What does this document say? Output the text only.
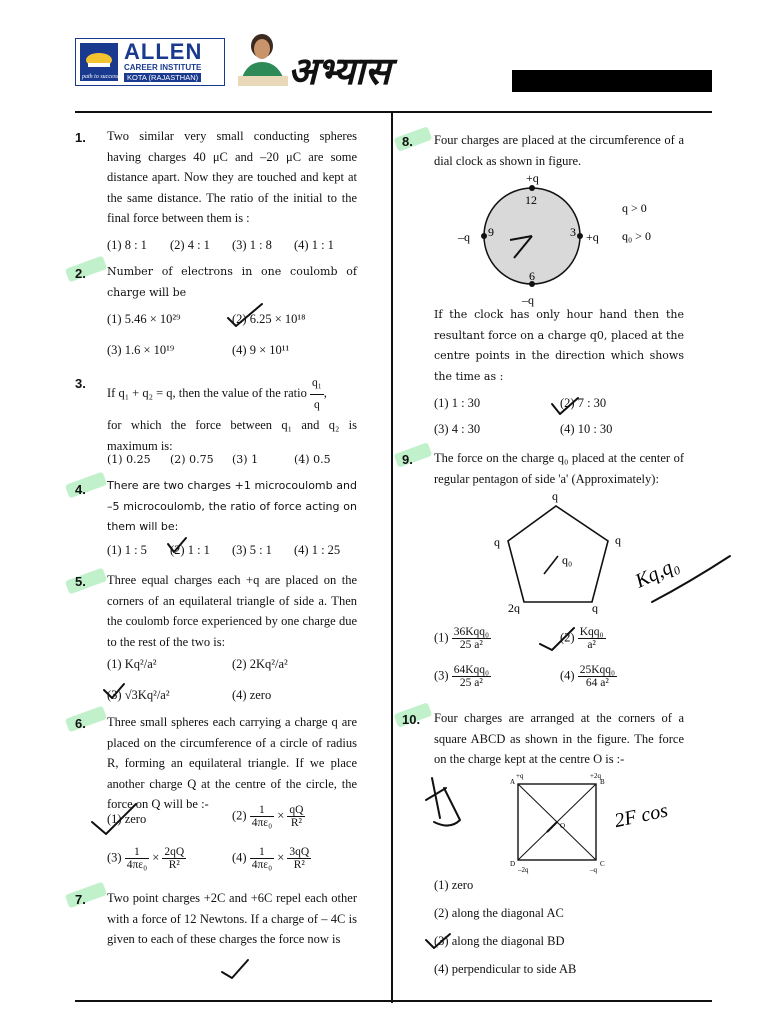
path to success
ALLEN
CAREER INSTITUTE
KOTA (RAJASTHAN) अभ्यास
1. Two similar very small conducting spheres having charges 40 μC and –20 μC are some distance apart. Now they are touched and kept at the same distance. The ratio of the initial to the final force between them is :
(1) 8 : 1 (2) 4 : 1 (3) 1 : 8 (4) 1 : 1
2. Number of electrons in one coulomb of charge will be
(1) 5.46 × 10²⁹	(2) 6.25 × 10¹⁸
(3) 1.6 × 10¹⁹	(4) 9 × 10¹¹
3.
If q₁ + q₂ = q, then the value of the ratio $\frac{\text{q₁}}{q}$ ,
for which the force between q₁ and q₂ is maximum is:
(1) 0.25 (2) 0.75 (3) 1	(4) 0.5
4. There are two charges +1 microcoulomb and –5 microcoulomb, the ratio of force acting on them will be:
(1) 1 : 5 (2) 1 : 1 (3) 5 : 1 (4) 1 : 25
5. Three equal charges each +q are placed on the corners of an equilateral triangle of side a. Then the coulomb force experienced by one charge due to the rest of the two is:
(1) Kq²/a²	(2) 2Kq²/a²
(3) √3Kq²/a²	(4) zero
6. Three small spheres each carrying a charge q are placed on the circumference of a circle of radius R, forming an equilateral triangle. If we place another charge Q at the centre of the circle, the force on Q will be :-
(1) zero	$(2) \frac{1}{\text{4πε₀}} \times \frac{qQ}{\text{R²}}$
$(3) \frac{1}{\text{4πε₀}} \times \frac{2qQ}{\text{R²}}$	$(4) \frac{1}{\text{4πε₀}} \times \frac{3qQ}{\text{R²}}$
7. Two point charges +2C and +6C repel each other with a force of 12 Newtons. If a charge of – 4C is given to each of these charges the force now is
8. Four charges are placed at the circumference of a dial clock as shown in figure.
+q
–q
–q	+q
12
3
6
9
q > 0
q₀ > 0
If the clock has only hour hand then the resultant force on a charge q0, placed at the centre points in the direction which shows the time as :
(1) 1 : 30	(2) 7 : 30
(3) 4 : 30	(4) 10 : 30
9. The force on the charge q₀ placed at the center of regular pentagon of side 'a' (Approximately):
q
q	q
2q	q
q₀	Kq,q₀
$(1) \frac{\text{36Kqq₀}}{\text{25 a²}}$	$(2) \frac{\text{Kqq₀}}{\text{a²}}$
$(3) \frac{\text{64Kqq₀}}{\text{25 a²}}$	$(4) \frac{\text{25Kqq₀}}{\text{64 a²}}$
10. Four charges are arranged at the corners of a square ABCD as shown in the figure. The force on the charge kept at the centre O is :-
A	B
C
D
O
+q	+2q
–q
–2q
2F cos
(1) zero
(2) along the diagonal AC
(3) along the diagonal BD
(4) perpendicular to side AB
